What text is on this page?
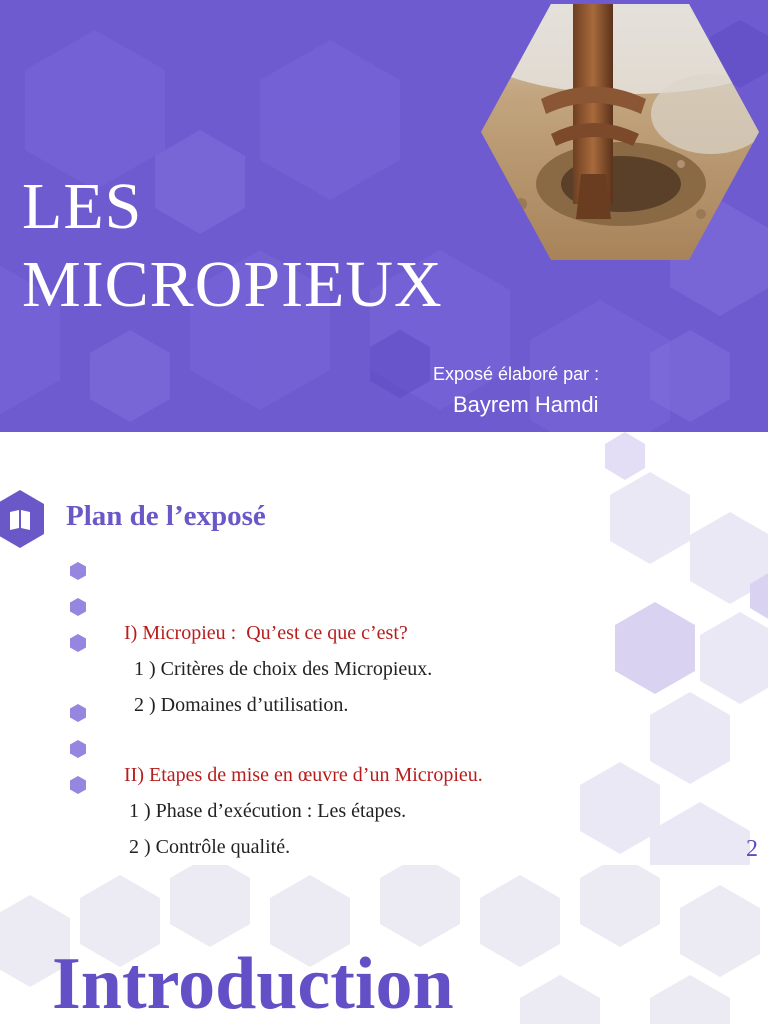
LES
MICROPIEUX
Exposé élaboré par :
Bayrem Hamdi
Plan de l’exposé

I) Micropieu :  Qu’est ce que c’est?

1 ) Critères de choix des Micropieux.

2 ) Domaines d’utilisation.

II) Etapes de mise en œuvre d’un Micropieu.

1 ) Phase d’exécution : Les étapes.

2 ) Contrôle qualité.
	2
Introduction
